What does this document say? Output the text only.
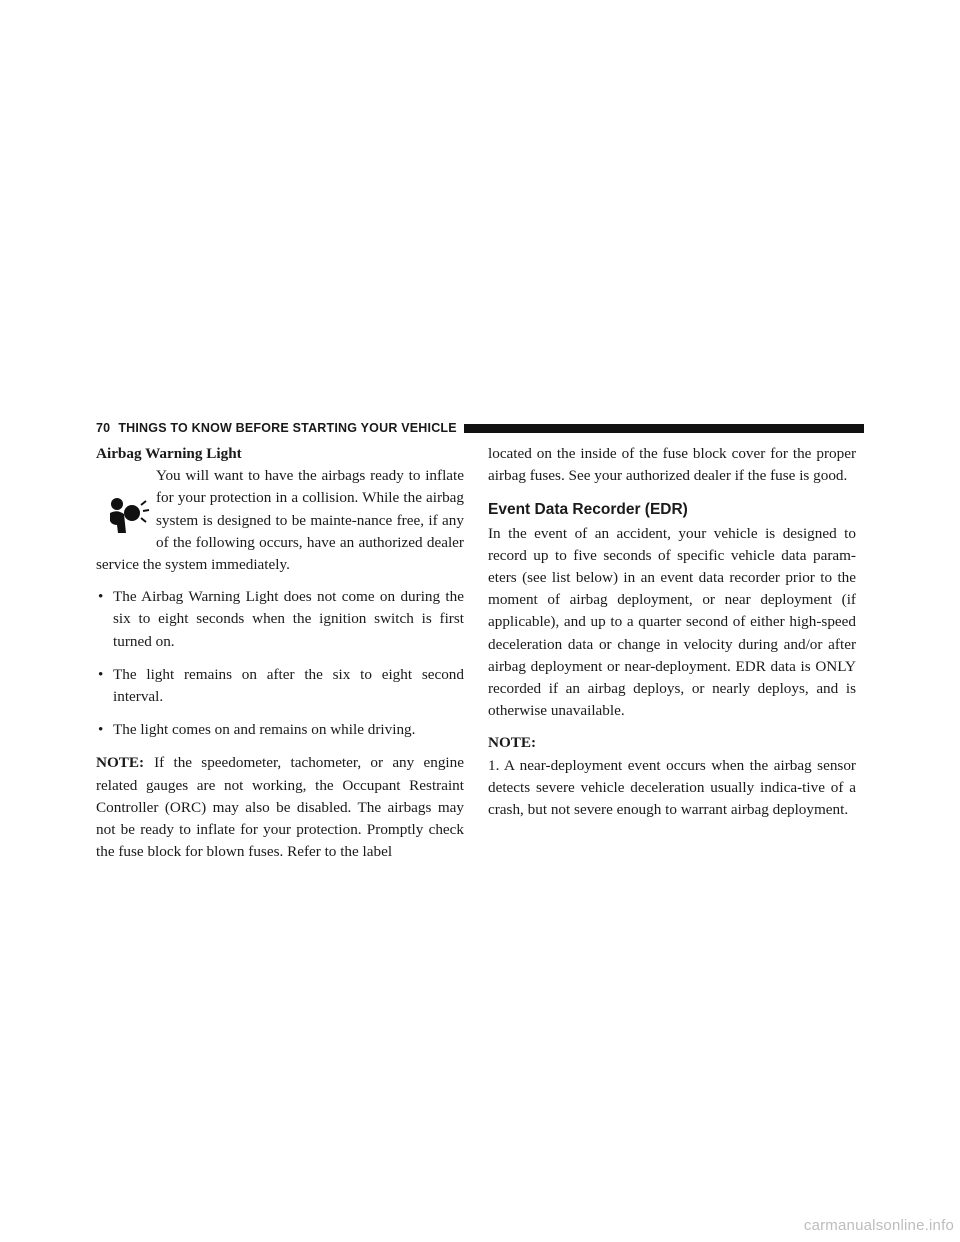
70 THINGS TO KNOW BEFORE STARTING YOUR VEHICLE
Airbag Warning Light

You will want to have the airbags ready to inflate for your protection in a collision. While the airbag system is designed to be mainte-nance free, if any of the following occurs, have an authorized dealer service the system immediately.

• The Airbag Warning Light does not come on during the six to eight seconds when the ignition switch is first turned on.
• The light remains on after the six to eight second interval.
• The light comes on and remains on while driving.

NOTE: If the speedometer, tachometer, or any engine related gauges are not working, the Occupant Restraint Controller (ORC) may also be disabled. The airbags may not be ready to inflate for your protection. Promptly check the fuse block for blown fuses. Refer to the label

located on the inside of the fuse block cover for the proper airbag fuses. See your authorized dealer if the fuse is good.

Event Data Recorder (EDR)

In the event of an accident, your vehicle is designed to record up to five seconds of specific vehicle data param-eters (see list below) in an event data recorder prior to the moment of airbag deployment, or near deployment (if applicable), and up to a quarter second of either high-speed deceleration data or change in velocity during and/or after airbag deployment or near-deployment. EDR data is ONLY recorded if an airbag deploys, or nearly deploys, and is otherwise unavailable.

NOTE:

1. A near-deployment event occurs when the airbag sensor detects severe vehicle deceleration usually indica-tive of a crash, but not severe enough to warrant airbag deployment.

carmanualsonline.info
